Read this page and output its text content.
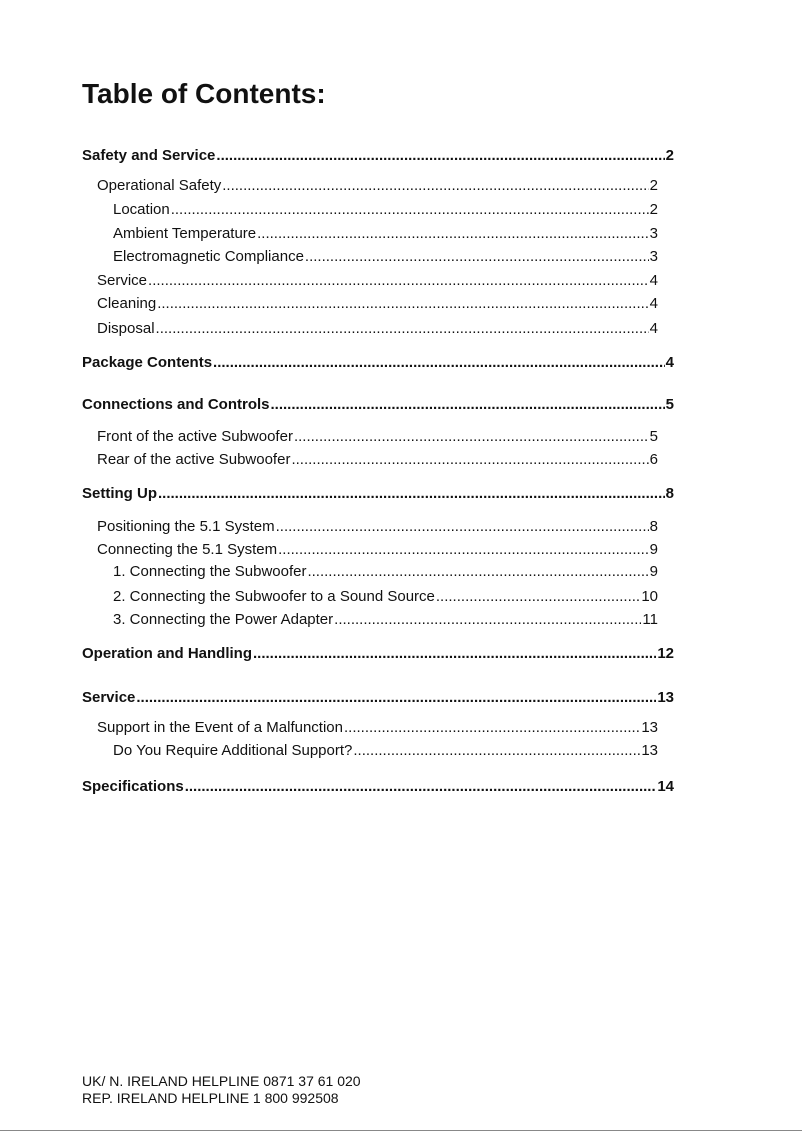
Table of Contents:
Safety and Service .....	2
Operational Safety .....	2
Location .....	2
Ambient Temperature .....	3
Electromagnetic Compliance .....	3
Service .....	4
Cleaning .....	4
Disposal .....	4
Package Contents .....	4
Connections and Controls .....	5
Front of the active Subwoofer .....	5
Rear of the active Subwoofer .....	6
Setting Up .....	8
Positioning the 5.1 System .....	8
Connecting the 5.1 System .....	9
1. Connecting the Subwoofer .....	9
2. Connecting the Subwoofer to a Sound Source .....	10
3. Connecting the Power Adapter .....	11
Operation and Handling .....	12
Service .....	13
Support in the Event of a Malfunction .....	13
Do You Require Additional Support? .....	13
Specifications .....	14
UK/ N. IRELAND HELPLINE 0871 37 61 020
REP. IRELAND HELPLINE 1 800 992508
